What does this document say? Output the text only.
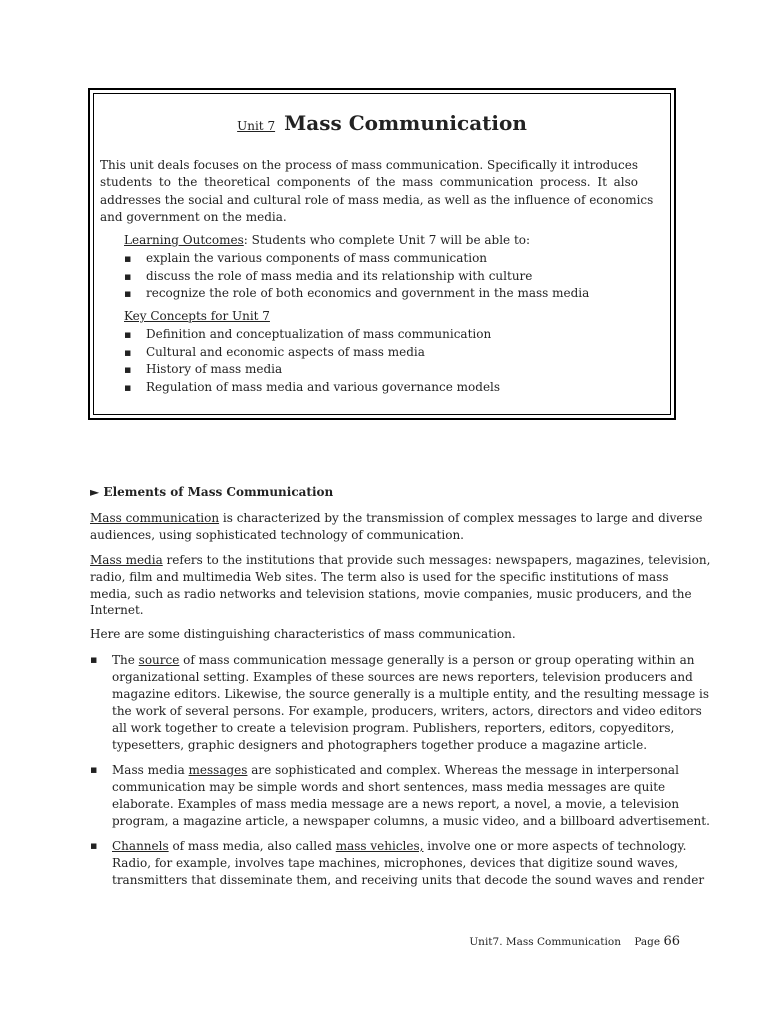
Unit 7 Mass Communication

This unit deals focuses on the process of mass communication. Specifically it introduces
students to the theoretical components of the mass communication process. It also
addresses the social and cultural role of mass media, as well as the influence of economics
and government on the media.

Learning Outcomes: Students who complete Unit 7 will be able to:

▪ explain the various components of mass communication
▪ discuss the role of mass media and its relationship with culture
▪ recognize the role of both economics and government in the mass media

Key Concepts for Unit 7

▪ Definition and conceptualization of mass communication
▪ Cultural and economic aspects of mass media
▪ History of mass media
▪ Regulation of mass media and various governance models

► Elements of Mass Communication

Mass communication is characterized by the transmission of complex messages to large and diverse
audiences, using sophisticated technology of communication.

Mass media refers to the institutions that provide such messages: newspapers, magazines, television,
radio, film and multimedia Web sites. The term also is used for the specific institutions of mass
media, such as radio networks and television stations, movie companies, music producers, and the
Internet.

Here are some distinguishing characteristics of mass communication.

▪ The source of mass communication message generally is a person or group operating within an
organizational setting. Examples of these sources are news reporters, television producers and
magazine editors. Likewise, the source generally is a multiple entity, and the resulting message is
the work of several persons. For example, producers, writers, actors, directors and video editors
all work together to create a television program. Publishers, reporters, editors, copyeditors,
typesetters, graphic designers and photographers together produce a magazine article.
▪ Mass media messages are sophisticated and complex. Whereas the message in interpersonal
communication may be simple words and short sentences, mass media messages are quite
elaborate. Examples of mass media message are a news report, a novel, a movie, a television
program, a magazine article, a newspaper columns, a music video, and a billboard advertisement.
▪ Channels of mass media, also called mass vehicles, involve one or more aspects of technology.
Radio, for example, involves tape machines, microphones, devices that digitize sound waves,
transmitters that disseminate them, and receiving units that decode the sound waves and render
Unit7. Mass Communication Page 66
